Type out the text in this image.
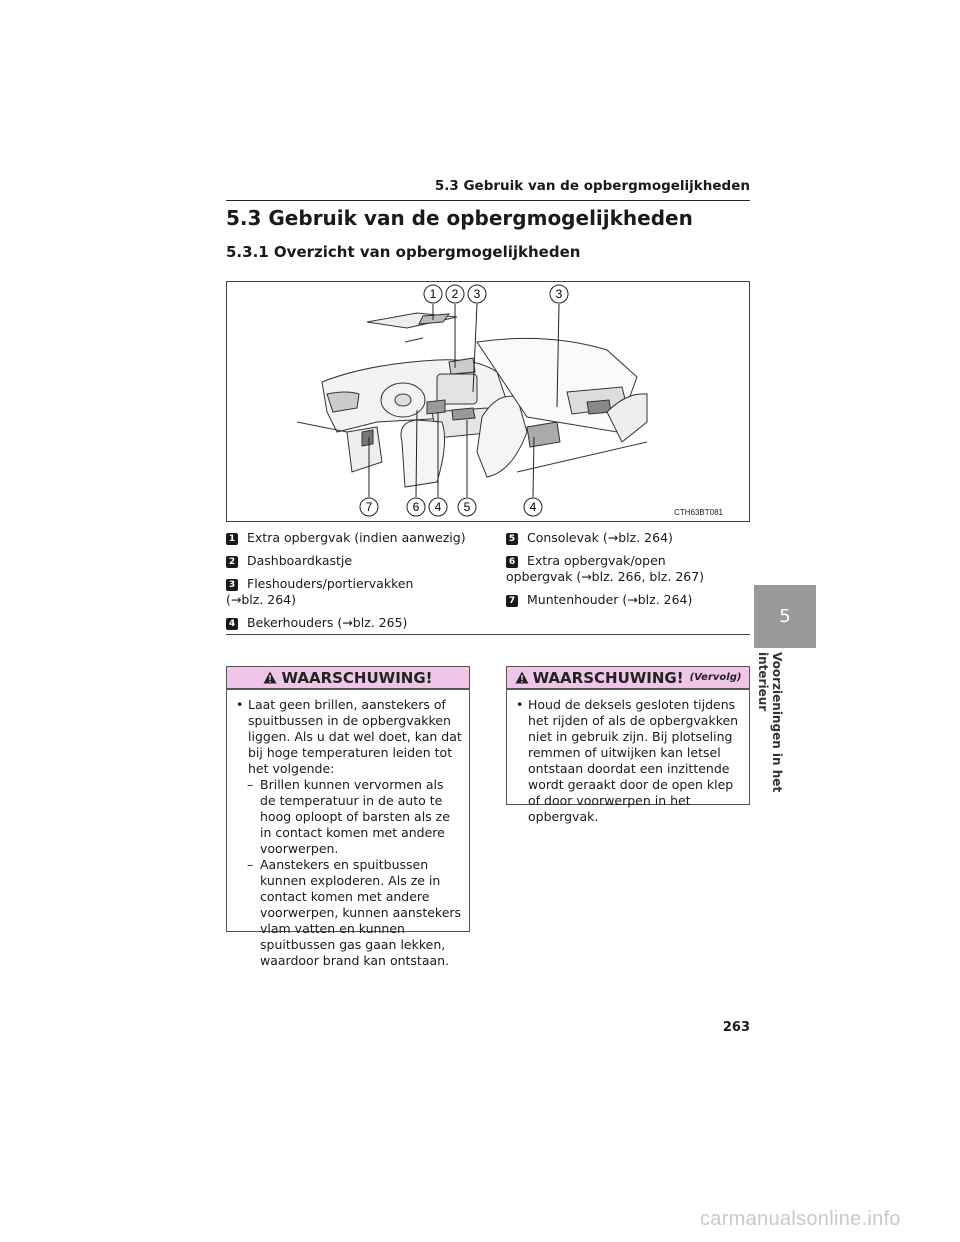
5.3 Gebruik van de opbergmogelijkheden
5.3 Gebruik van de opbergmogelijkheden
5.3.1 Overzicht van opbergmogelijkheden
1 2 3	3
7	6 4 5	4	CTH63BT081
1 Extra opbergvak (indien aanwezig)
2 Dashboardkastje
3 Fleshouders/portiervakken (→blz. 264)
4 Bekerhouders (→blz. 265)
5 Consolevak (→blz. 264)
6 Extra opbergvak/open opbergvak (→blz. 266, blz. 267)
7 Muntenhouder (→blz. 264)
WAARSCHUWING!
• Laat geen brillen, aanstekers of spuitbussen in de opbergvakken liggen. Als u dat wel doet, kan dat bij hoge temperaturen leiden tot het volgende:
– Brillen kunnen vervormen als de temperatuur in de auto te hoog oploopt of barsten als ze in contact komen met andere voorwerpen.
– Aanstekers en spuitbussen kunnen exploderen. Als ze in contact komen met andere voorwerpen, kunnen aanstekers vlam vatten en kunnen spuitbussen gas gaan lekken, waardoor brand kan ontstaan.
WAARSCHUWING! (Vervolg)
• Houd de deksels gesloten tijdens het rijden of als de opbergvakken niet in gebruik zijn. Bij plotseling remmen of uitwijken kan letsel ontstaan doordat een inzittende wordt geraakt door de open klep of door voorwerpen in het opbergvak.
5
Voorzieningen in het interieur
263
carmanualsonline.info
